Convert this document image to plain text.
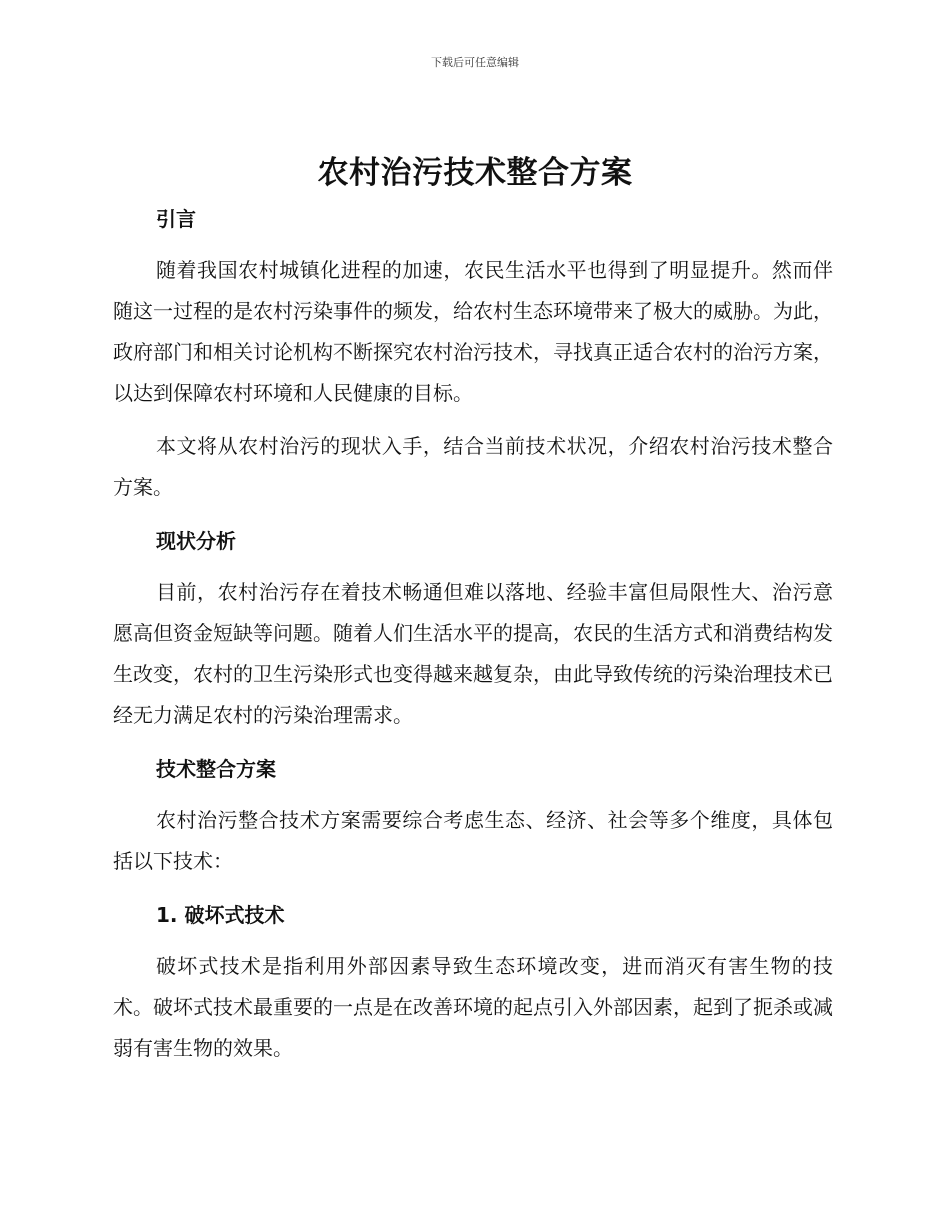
下载后可任意编辑
农村治污技术整合方案

引言

随着我国农村城镇化进程的加速，农民生活水平也得到了明显提升。然而伴随这一过程的是农村污染事件的频发，给农村生态环境带来了极大的威胁。为此，政府部门和相关讨论机构不断探究农村治污技术，寻找真正适合农村的治污方案，以达到保障农村环境和人民健康的目标。

本文将从农村治污的现状入手，结合当前技术状况，介绍农村治污技术整合方案。

现状分析

目前，农村治污存在着技术畅通但难以落地、经验丰富但局限性大、治污意愿高但资金短缺等问题。随着人们生活水平的提高，农民的生活方式和消费结构发生改变，农村的卫生污染形式也变得越来越复杂，由此导致传统的污染治理技术已经无力满足农村的污染治理需求。

技术整合方案

农村治污整合技术方案需要综合考虑生态、经济、社会等多个维度，具体包括以下技术：

1. 破坏式技术

破坏式技术是指利用外部因素导致生态环境改变，进而消灭有害生物的技术。破坏式技术最重要的一点是在改善环境的起点引入外部因素，起到了扼杀或减弱有害生物的效果。
